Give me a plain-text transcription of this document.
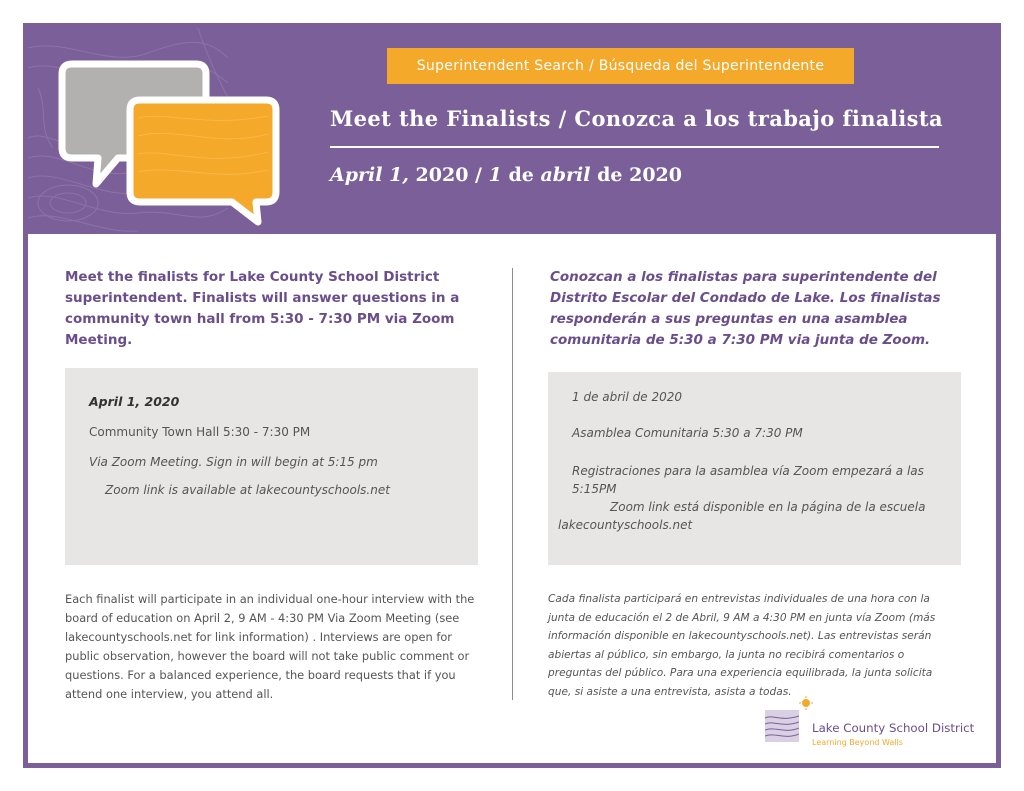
Superintendent Search / Búsqueda del Superintendente
Meet the Finalists / Conozca a los trabajo finalista
April 1, 2020 / 1 de abril de 2020
Meet the finalists for Lake County School District superintendent. Finalists will answer questions in a community town hall from 5:30 - 7:30 PM via Zoom Meeting.
Conozcan a los finalistas para superintendente del Distrito Escolar del Condado de Lake. Los finalistas responderán a sus preguntas en una asamblea comunitaria de 5:30 a 7:30 PM via junta de Zoom.

April 1, 2020

Community Town Hall 5:30 - 7:30 PM

Via Zoom Meeting. Sign in will begin at 5:15 pm

Zoom link is available at lakecountyschools.net

1 de abril de 2020

Asamblea Comunitaria 5:30 a 7:30 PM

Registraciones para la asamblea vía Zoom empezará a las 5:15PM

Zoom link está disponible en la página de la escuela
lakecountyschools.net

Each finalist will participate in an individual one-hour interview with the board of education on April 2, 9 AM - 4:30 PM Via Zoom Meeting (see lakecountyschools.net for link information) . Interviews are open for public observation, however the board will not take public comment or questions. For a balanced experience, the board requests that if you attend one interview, you attend all.
Cada finalista participará en entrevistas individuales de una hora con la junta de educación el 2 de Abril, 9 AM a 4:30 PM en junta vía Zoom (más información disponible en lakecountyschools.net). Las entrevistas serán abiertas al público, sin embargo, la junta no recibirá comentarios o preguntas del público. Para una experiencia equilibrada, la junta solicita que, si asiste a una entrevista, asista a todas.
Lake County School District
Learning Beyond Walls
